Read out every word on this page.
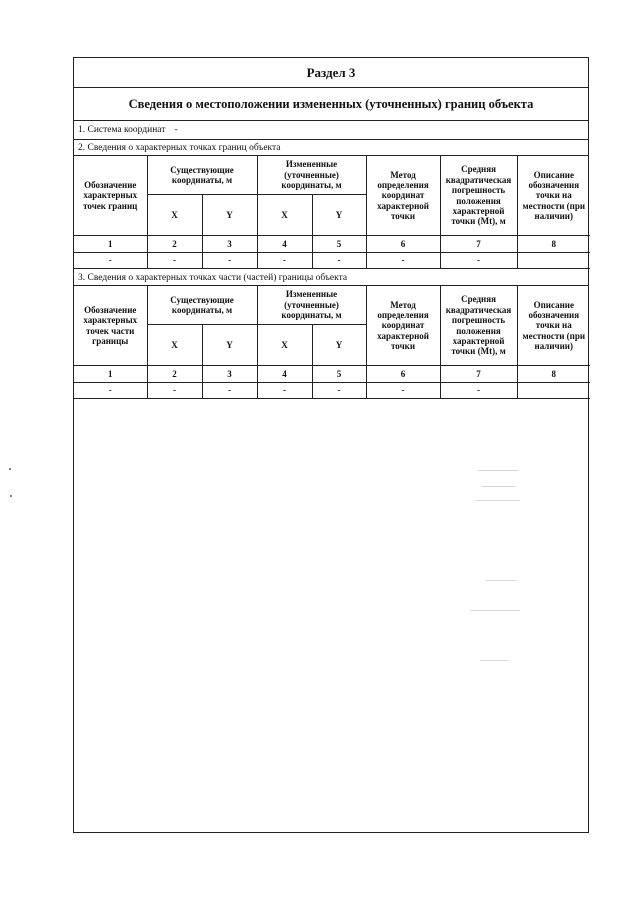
Раздел 3
Сведения о местоположении измененных (уточненных) границ объекта
1. Система координат -
2. Сведения о характерных точках границ объекта
Обозначение характерных точек границ	Существующие координаты, м		Измененные (уточненные) координаты, м		Метод определения координат характерной точки	Средняя квадратическая погрешность положения характерной точки (Мt), м	Описание обозначения точки на местности (при наличии)
	X	Y	X	Y			
1	2	3	4	5	6	7	8
-	-	-	-	-	-	-	
3. Сведения о характерных точках части (частей) границы объекта
Обозначение характерных точек части границы	Существующие координаты, м		Измененные (уточненные) координаты, м		Метод определения координат характерной точки	Средняя квадратическая погрешность положения характерной точки (Мt), м	Описание обозначения точки на местности (при наличии)
	X	Y	X	Y			
1	2	3	4	5	6	7	8
-	-	-	-	-	-	-	
